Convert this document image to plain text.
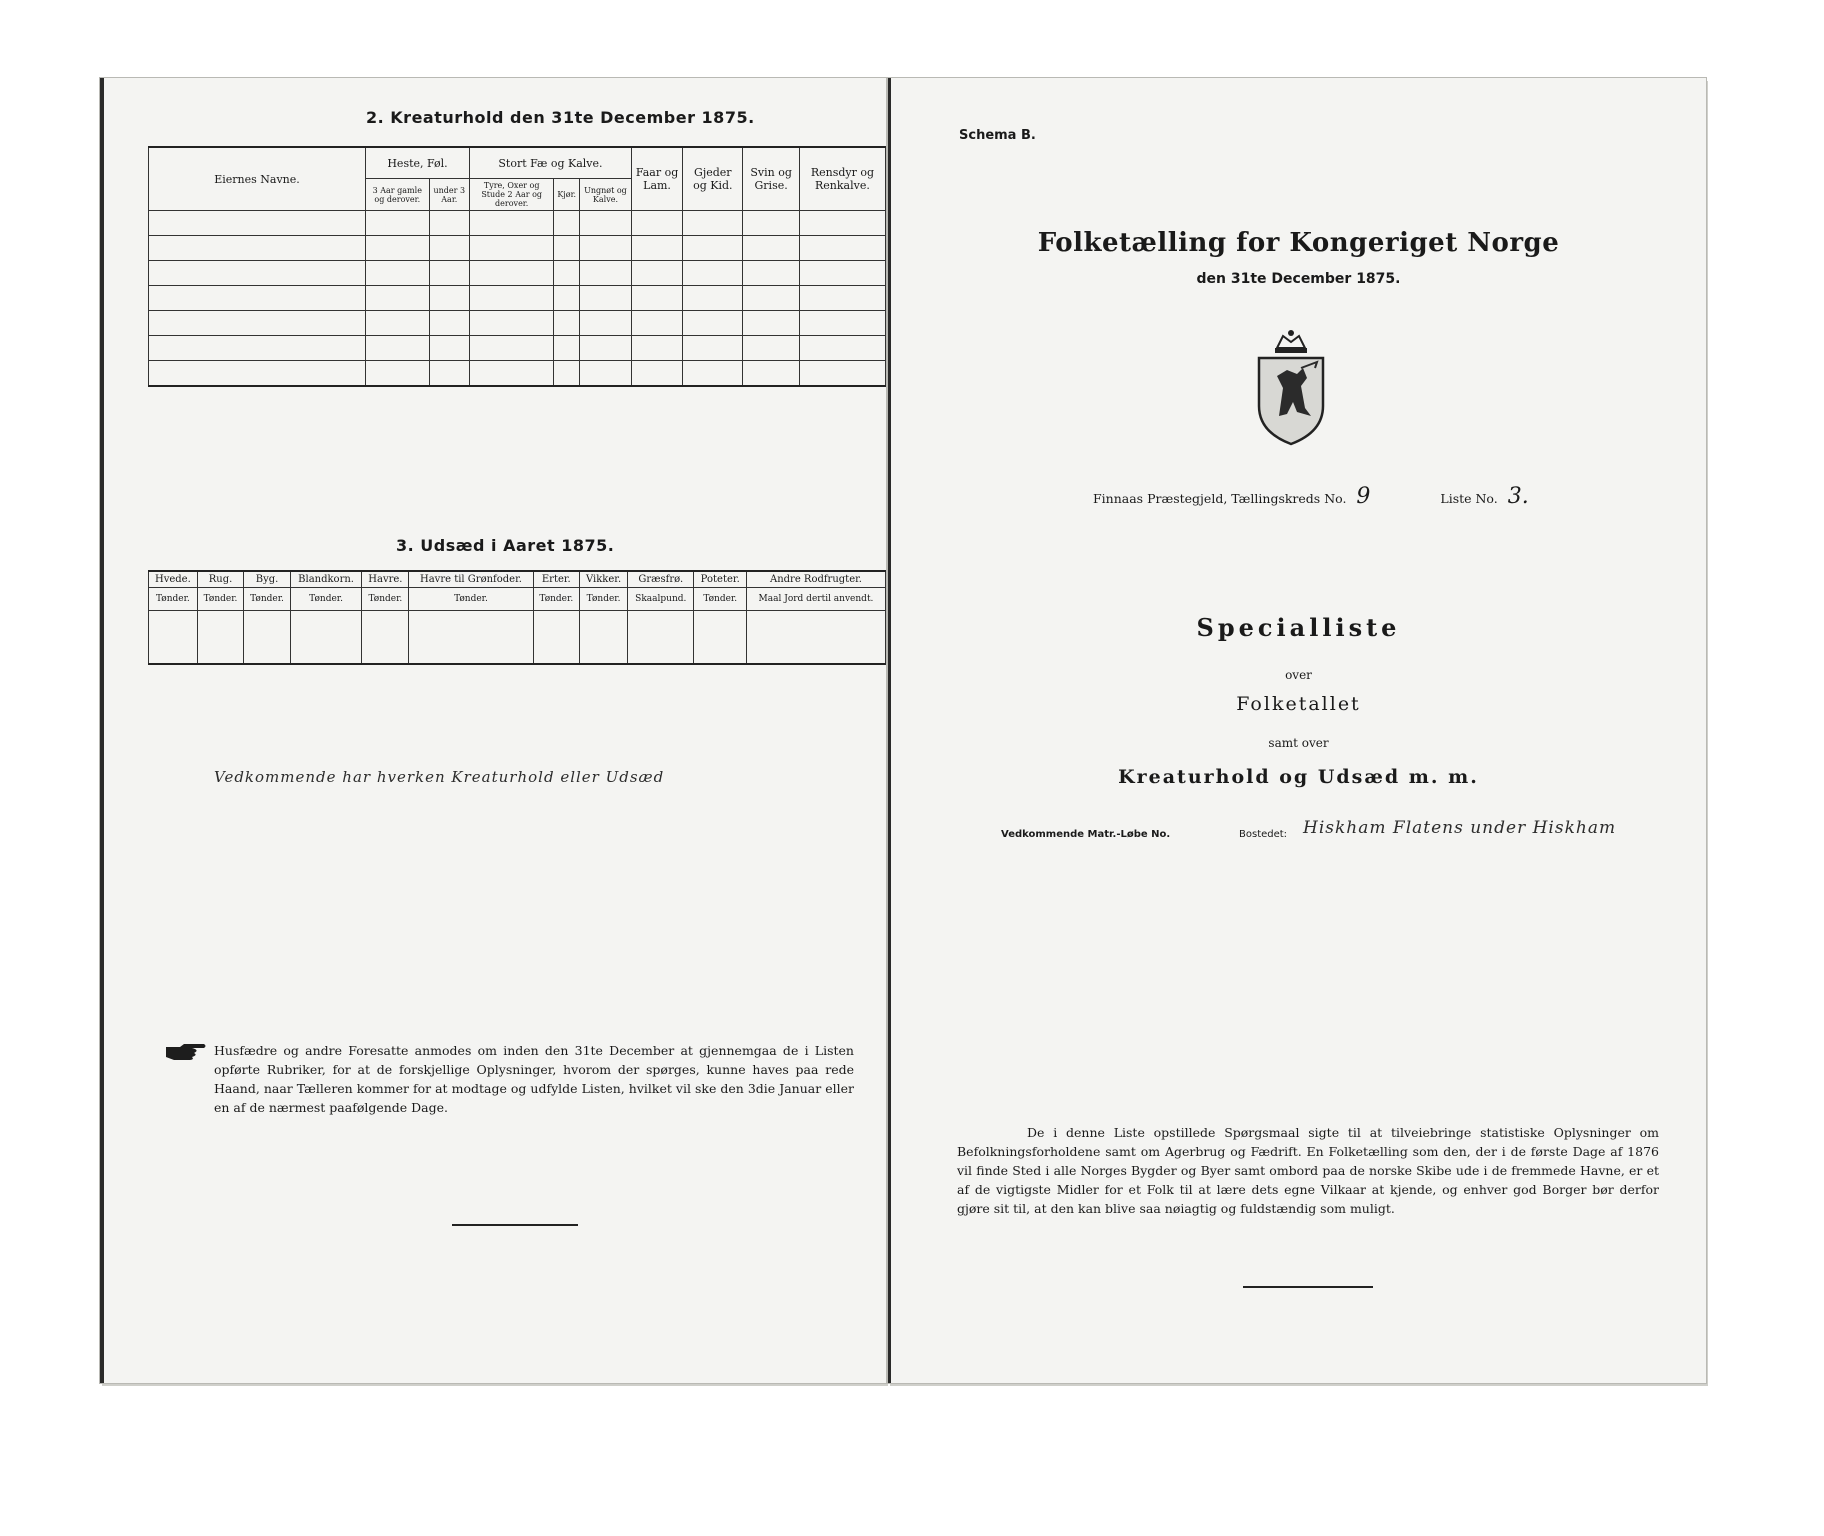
2. Kreaturhold den 31te December 1875.
Eiernes Navne.	Heste, Føl.		Stort Fæ og Kalve.			Faar og Lam.	Gjeder og Kid.	Svin og Grise.	Rensdyr og Renkalve.
	3 Aar gamle og derover.	under 3 Aar.	Tyre, Oxer og Stude 2 Aar og derover.	Kjør.	Ungnøt og Kalve.				

3. Udsæd i Aaret 1875.
Hvede.	Rug.	Byg.	Blandkorn.	Havre.	Havre til Grønfoder.	Erter.	Vikker.	Græsfrø.	Poteter.	Andre Rodfrugter.
Tønder.	Tønder.	Tønder.	Tønder.	Tønder.	Tønder.	Tønder.	Tønder.	Skaalpund.	Tønder.	Maal Jord dertil anvendt.

Vedkommende har hverken Kreaturhold eller Udsæd
Husfædre og andre Foresatte anmodes om inden den 31te December at gjennemgaa de i Listen opførte Rubriker, for at de forskjellige Oplysninger, hvorom der spørges, kunne haves paa rede Haand, naar Tælleren kommer for at modtage og udfylde Listen, hvilket vil ske den 3die Januar eller en af de nærmest paafølgende Dage.
Schema B.
Folketælling for Kongeriget Norge
den 31te December 1875.
Finnaas Præstegjeld, Tællingskreds No. 9	Liste No. 3.
Specialliste
over
Folketallet
samt over
Kreaturhold og Udsæd m. m.
Vedkommende Matr.-Løbe No.	Bostedet: Hiskham Flatens under Hiskham
De i denne Liste opstillede Spørgsmaal sigte til at tilveiebringe statistiske Oplysninger om Befolkningsforholdene samt om Agerbrug og Fædrift. En Folketælling som den, der i de første Dage af 1876 vil finde Sted i alle Norges Bygder og Byer samt ombord paa de norske Skibe ude i de fremmede Havne, er et af de vigtigste Midler for et Folk til at lære dets egne Vilkaar at kjende, og enhver god Borger bør derfor gjøre sit til, at den kan blive saa nøiagtig og fuldstændig som muligt.
